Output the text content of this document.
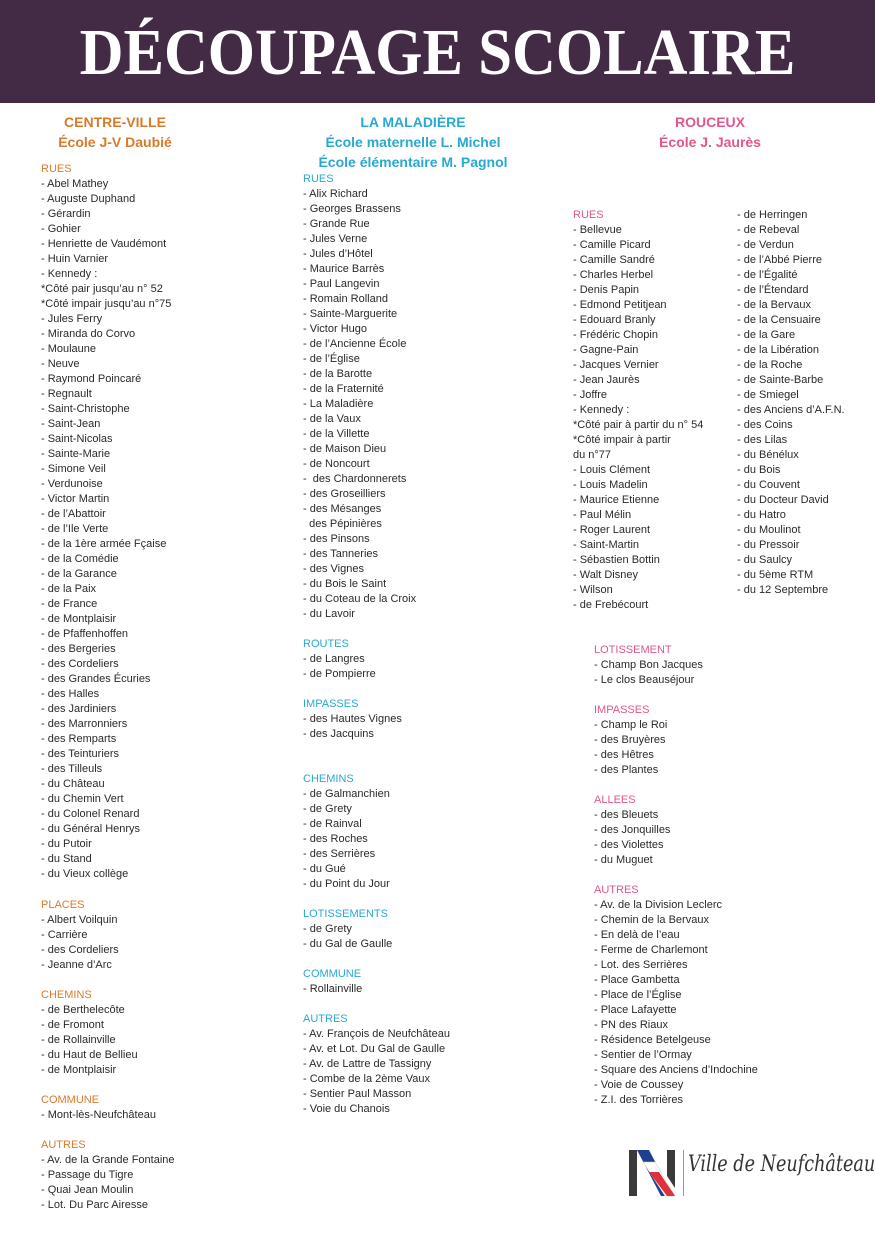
DÉCOUPAGE SCOLAIRE
CENTRE-VILLE
École J-V Daubié
LA MALADIÈRE
École maternelle L. Michel
École élémentaire M. Pagnol
ROUCEUX
École J. Jaurès
RUES
- Abel Mathey
- Auguste Duphand
- Gérardin
- Gohier
- Henriette de Vaudémont
- Huin Varnier
- Kennedy :
*Côté pair jusqu’au n° 52
*Côté impair jusqu’au n°75
- Jules Ferry
- Miranda do Corvo
- Moulaune
- Neuve
- Raymond Poincaré
- Regnault
- Saint-Christophe
- Saint-Jean
- Saint-Nicolas
- Sainte-Marie
- Simone Veil
- Verdunoise
- Victor Martin
- de l’Abattoir
- de l’Ile Verte
- de la 1ère armée Fçaise
- de la Comédie
- de la Garance
- de la Paix
- de France
- de Montplaisir
- de Pfaffenhoffen
- des Bergeries
- des Cordeliers
- des Grandes Écuries
- des Halles
- des Jardiniers
- des Marronniers
- des Remparts
- des Teinturiers
- des Tilleuls
- du Château
- du Chemin Vert
- du Colonel Renard
- du Général Henrys
- du Putoir
- du Stand
- du Vieux collège
PLACES
- Albert Voilquin
- Carrière
- des Cordeliers
- Jeanne d’Arc
CHEMINS
- de Berthelecôte
- de Fromont
- de Rollainville
- du Haut de Bellieu
- de Montplaisir
COMMUNE
- Mont-lès-Neufchâteau
AUTRES
- Av. de la Grande Fontaine
- Passage du Tigre
- Quai Jean Moulin
- Lot. Du Parc Airesse
RUES
- Alix Richard
- Georges Brassens
- Grande Rue
- Jules Verne
- Jules d’Hôtel
- Maurice Barrès
- Paul Langevin
- Romain Rolland
- Sainte-Marguerite
- Victor Hugo
- de l’Ancienne École
- de l’Église
- de la Barotte
- de la Fraternité
- La Maladière
- de la Vaux
- de la Villette
- de Maison Dieu
- de Noncourt
-  des Chardonnerets
- des Groseilliers
- des Mésanges
des Pépinières
- des Pinsons
- des Tanneries
- des Vignes
- du Bois le Saint
- du Coteau de la Croix
- du Lavoir
ROUTES
- de Langres
- de Pompierre
IMPASSES
- des Hautes Vignes
- des Jacquins
CHEMINS
- de Galmanchien
- de Grety
- de Rainval
- des Roches
- des Serrières
- du Gué
- du Point du Jour
LOTISSEMENTS
- de Grety
- du Gal de Gaulle
COMMUNE
- Rollainville
AUTRES
- Av. François de Neufchâteau
- Av. et Lot. Du Gal de Gaulle
- Av. de Lattre de Tassigny
- Combe de la 2ème Vaux
- Sentier Paul Masson
- Voie du Chanois
RUES
- Bellevue
- Camille Picard
- Camille Sandré
- Charles Herbel
- Denis Papin
- Edmond Petitjean
- Edouard Branly
- Frédéric Chopin
- Gagne-Pain
- Jacques Vernier
- Jean Jaurès
- Joffre
- Kennedy :
*Côté pair à partir du n° 54
*Côté impair à partir
du n°77
- Louis Clément
- Louis Madelin
- Maurice Etienne
- Paul Mélin
- Roger Laurent
- Saint-Martin
- Sébastien Bottin
- Walt Disney
- Wilson
- de Frebécourt
- de Herringen
- de Rebeval
- de Verdun
- de l’Abbé Pierre
- de l’Égalité
- de l’Étendard
- de la Bervaux
- de la Censuaire
- de la Gare
- de la Libération
- de la Roche
- de Sainte-Barbe
- de Smiegel
- des Anciens d’A.F.N.
- des Coins
- des Lilas
- du Bénélux
- du Bois
- du Couvent
- du Docteur David
- du Hatro
- du Moulinot
- du Pressoir
- du Saulcy
- du 5ème RTM
- du 12 Septembre
LOTISSEMENT
- Champ Bon Jacques
- Le clos Beauséjour
IMPASSES
- Champ le Roi
- des Bruyères
- des Hêtres
- des Plantes
ALLEES
- des Bleuets
- des Jonquilles
- des Violettes
- du Muguet
AUTRES
- Av. de la Division Leclerc
- Chemin de la Bervaux
- En delà de l’eau
- Ferme de Charlemont
- Lot. des Serrières
- Place Gambetta
- Place de l’Église
- Place Lafayette
- PN des Riaux
- Résidence Betelgeuse
- Sentier de l’Ormay
- Square des Anciens d’Indochine
- Voie de Coussey
- Z.I. des Torrières
Ville de Neufchâteau
